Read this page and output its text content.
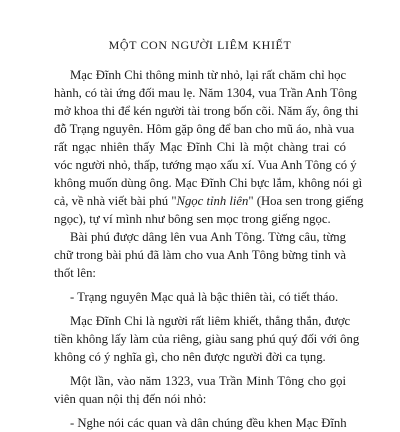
MỘT CON NGƯỜI LIÊM KHIẾT
Mạc Đĩnh Chi thông minh từ nhỏ, lại rất chăm chỉ học
hành, có tài ứng đối mau lẹ. Năm 1304, vua Trần Anh Tông
mở khoa thi để kén người tài trong bốn cõi. Năm ấy, ông thi
đỗ Trạng nguyên. Hôm gặp ông để ban cho mũ áo, nhà vua
rất ngạc nhiên thấy Mạc Đĩnh Chi là một chàng trai có
vóc người nhỏ, thấp, tướng mạo xấu xí. Vua Anh Tông có ý
không muốn dùng ông. Mạc Đĩnh Chi bực lắm, không nói gì
cả, về nhà viết bài phú "Ngọc tỉnh liên" (Hoa sen trong giếng
ngọc), tự ví mình như bông sen mọc trong giếng ngọc.
Bài phú được dâng lên vua Anh Tông. Từng câu, từng
chữ trong bài phú đã làm cho vua Anh Tông bừng tỉnh và
thốt lên:
- Trạng nguyên Mạc quả là bậc thiên tài, có tiết tháo.
Mạc Đĩnh Chi là người rất liêm khiết, thẳng thắn, được
tiền không lấy làm của riêng, giàu sang phú quý đối với ông
không có ý nghĩa gì, cho nên được người đời ca tụng.
Một lần, vào năm 1323, vua Trần Minh Tông cho gọi
viên quan nội thị đến nói nhỏ:
- Nghe nói các quan và dân chúng đều khen Mạc Đĩnh
